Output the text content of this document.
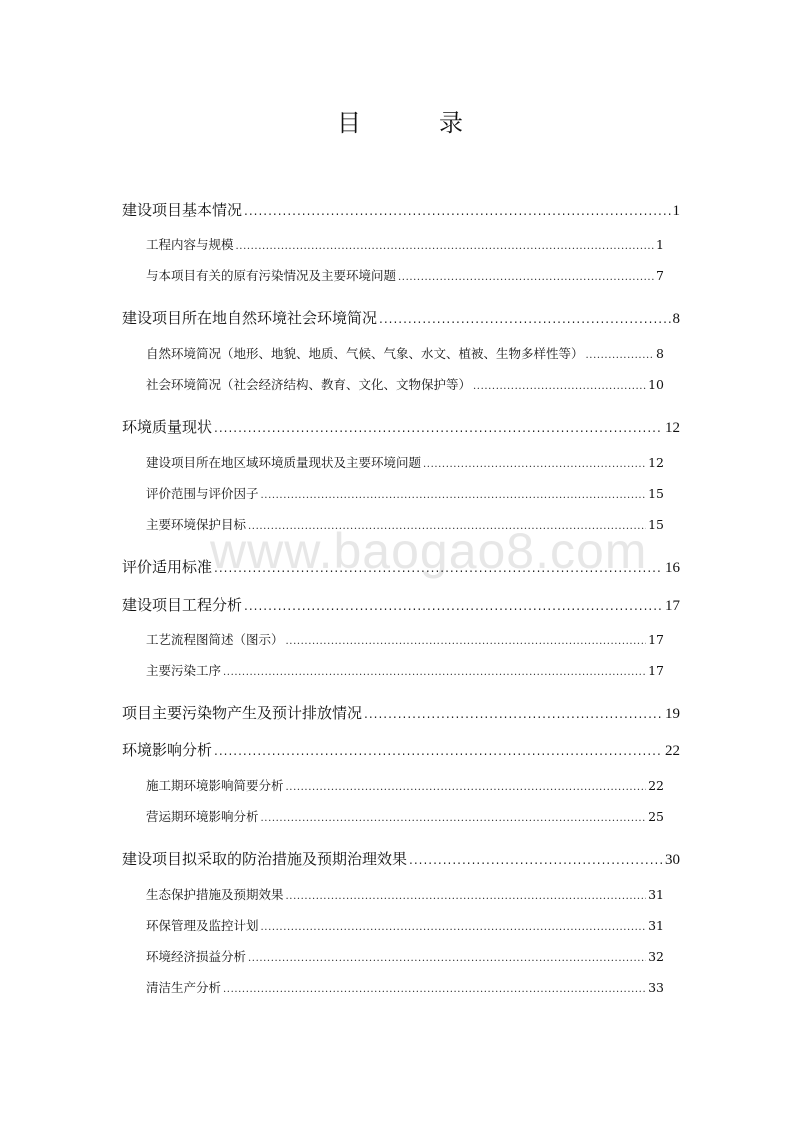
目	录
www.baogao8.com
建设项目基本情况 .....	1
工程内容与规模 .....	1
与本项目有关的原有污染情况及主要环境问题 .....	7
建设项目所在地自然环境社会环境简况 .....	8
自然环境简况（地形、地貌、地质、气候、气象、水文、植被、生物多样性等） .....	8
社会环境简况（社会经济结构、教育、文化、文物保护等） .....	10
环境质量现状 .....	12
建设项目所在地区域环境质量现状及主要环境问题 .....	12
评价范围与评价因子 .....	15
主要环境保护目标 .....	15
评价适用标准 .....	16
建设项目工程分析 .....	17
工艺流程图简述（图示） .....	17
主要污染工序 .....	17
项目主要污染物产生及预计排放情况 .....	19
环境影响分析 .....	22
施工期环境影响简要分析 .....	22
营运期环境影响分析 .....	25
建设项目拟采取的防治措施及预期治理效果 .....	30
生态保护措施及预期效果 .....	31
环保管理及监控计划 .....	31
环境经济损益分析 .....	32
清洁生产分析 .....	33
